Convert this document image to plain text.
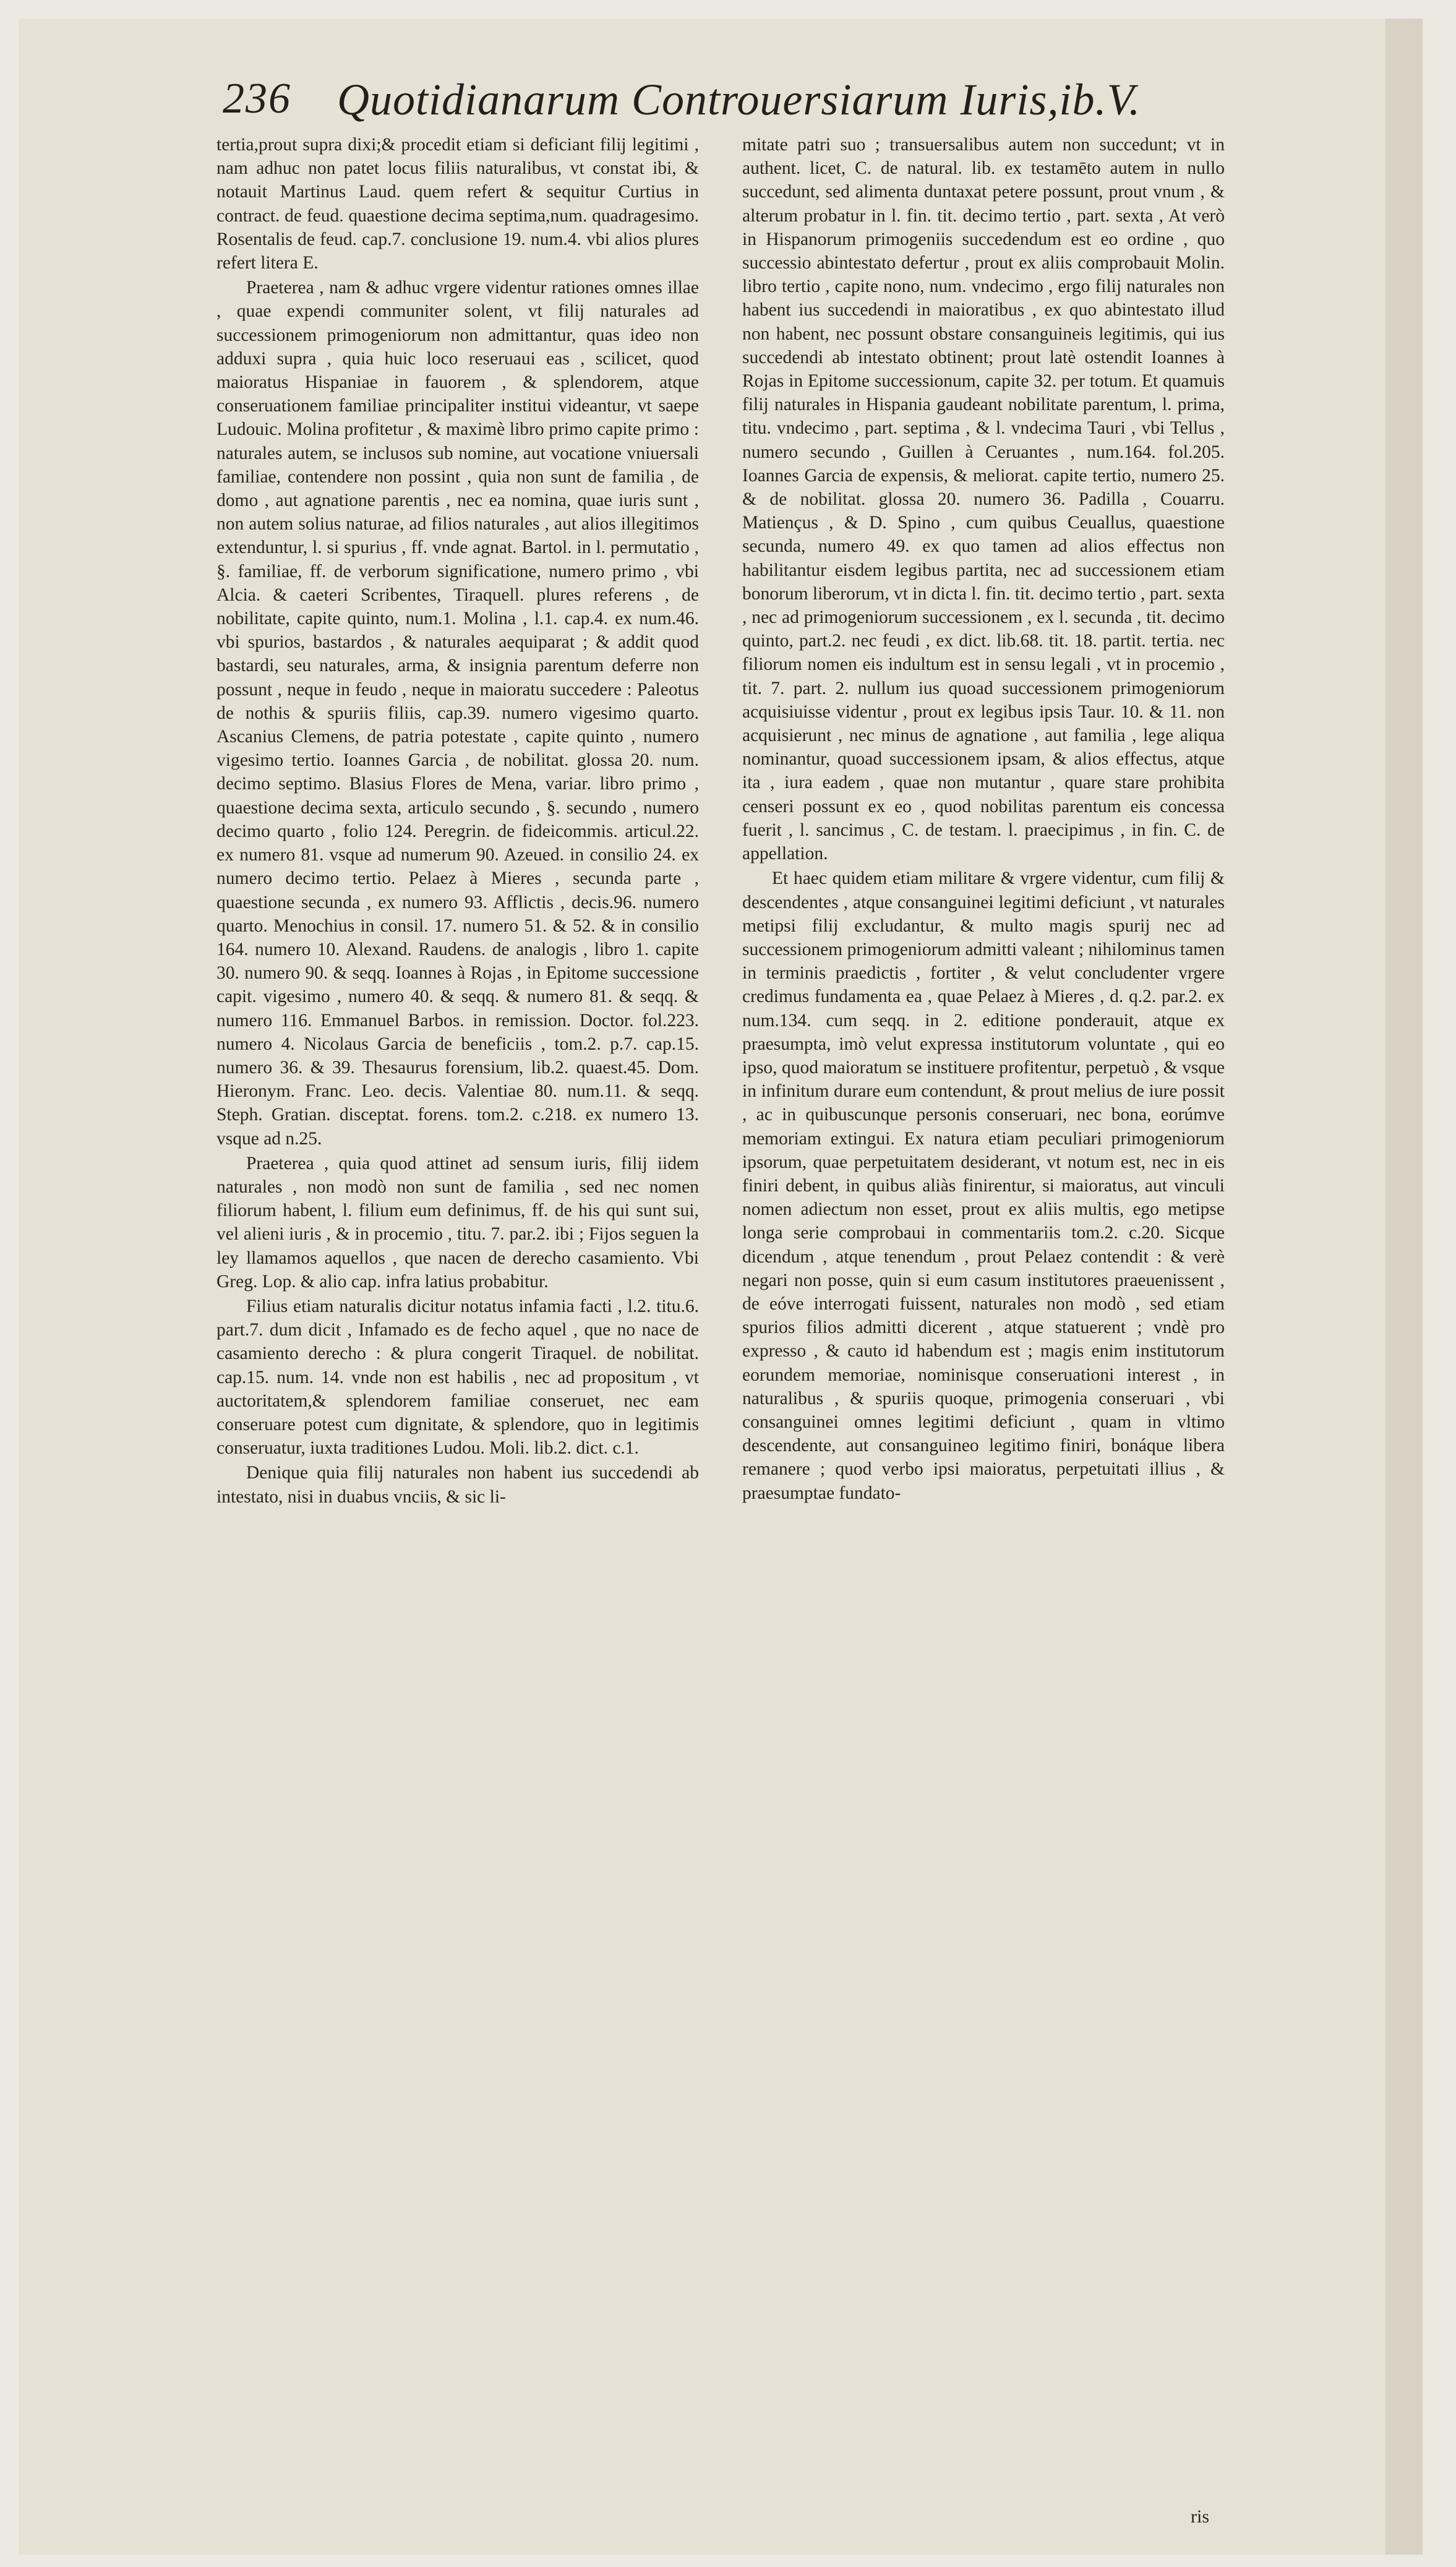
236 Quotidianarum Controuersiarum Iuris,ib.V.

tertia,prout supra dixi;& procedit etiam si deficiant filij legitimi , nam adhuc non patet locus filiis naturalibus, vt constat ibi, & notauit Martinus Laud. quem refert & sequitur Curtius in contract. de feud. quaestione decima septima,num. quadragesimo. Rosentalis de feud. cap.7. conclusione 19. num.4. vbi alios plures refert litera E.

Praeterea , nam & adhuc vrgere videntur rationes omnes illae , quae expendi communiter solent, vt filij naturales ad successionem primogeniorum non admittantur, quas ideo non adduxi supra , quia huic loco reseruaui eas , scilicet, quod maioratus Hispaniae in fauorem , & splendorem, atque conseruationem familiae principaliter institui videantur, vt saepe Ludouic. Molina profitetur , & maximè libro primo capite primo : naturales autem, se inclusos sub nomine, aut vocatione vniuersali familiae, contendere non possint , quia non sunt de familia , de domo , aut agnatione parentis , nec ea nomina, quae iuris sunt , non autem solius naturae, ad filios naturales , aut alios illegitimos extenduntur, l. si spurius , ff. vnde agnat. Bartol. in l. permutatio , §. familiae, ff. de verborum significatione, numero primo , vbi Alcia. & caeteri Scribentes, Tiraquell. plures referens , de nobilitate, capite quinto, num.1. Molina , l.1. cap.4. ex num.46. vbi spurios, bastardos , & naturales aequiparat ; & addit quod bastardi, seu naturales, arma, & insignia parentum deferre non possunt , neque in feudo , neque in maioratu succedere : Paleotus de nothis & spuriis filiis, cap.39. numero vigesimo quarto. Ascanius Clemens, de patria potestate , capite quinto , numero vigesimo tertio. Ioannes Garcia , de nobilitat. glossa 20. num. decimo septimo. Blasius Flores de Mena, variar. libro primo , quaestione decima sexta, articulo secundo , §. secundo , numero decimo quarto , folio 124. Peregrin. de fideicommis. articul.22. ex numero 81. vsque ad numerum 90. Azeued. in consilio 24. ex numero decimo tertio. Pelaez à Mieres , secunda parte , quaestione secunda , ex numero 93. Afflictis , decis.96. numero quarto. Menochius in consil. 17. numero 51. & 52. & in consilio 164. numero 10. Alexand. Raudens. de analogis , libro 1. capite 30. numero 90. & seqq. Ioannes à Rojas , in Epitome successione capit. vigesimo , numero 40. & seqq. & numero 81. & seqq. & numero 116. Emmanuel Barbos. in remission. Doctor. fol.223. numero 4. Nicolaus Garcia de beneficiis , tom.2. p.7. cap.15. numero 36. & 39. Thesaurus forensium, lib.2. quaest.45. Dom. Hieronym. Franc. Leo. decis. Valentiae 80. num.11. & seqq. Steph. Gratian. disceptat. forens. tom.2. c.218. ex numero 13. vsque ad n.25.

Praeterea , quia quod attinet ad sensum iuris, filij iidem naturales , non modò non sunt de familia , sed nec nomen filiorum habent, l. filium eum definimus, ff. de his qui sunt sui, vel alieni iuris , & in procemio , titu. 7. par.2. ibi ; Fijos seguen la ley llamamos aquellos , que nacen de derecho casamiento. Vbi Greg. Lop. & alio cap. infra latius probabitur.

Filius etiam naturalis dicitur notatus infamia facti , l.2. titu.6. part.7. dum dicit , Infamado es de fecho aquel , que no nace de casamiento derecho : & plura congerit Tiraquel. de nobilitat. cap.15. num. 14. vnde non est habilis , nec ad propositum , vt auctoritatem,& splendorem familiae conseruet, nec eam conseruare potest cum dignitate, & splendore, quo in legitimis conseruatur, iuxta traditiones Ludou. Moli. lib.2. dict. c.1.

Denique quia filij naturales non habent ius succedendi ab intestato, nisi in duabus vnciis, & sic li-

mitate patri suo ; transuersalibus autem non succedunt; vt in authent. licet, C. de natural. lib. ex testamēto autem in nullo succedunt, sed alimenta duntaxat petere possunt, prout vnum , & alterum probatur in l. fin. tit. decimo tertio , part. sexta , At verò in Hispanorum primogeniis succedendum est eo ordine , quo successio abintestato defertur , prout ex aliis comprobauit Molin. libro tertio , capite nono, num. vndecimo , ergo filij naturales non habent ius succedendi in maioratibus , ex quo abintestato illud non habent, nec possunt obstare consanguineis legitimis, qui ius succedendi ab intestato obtinent; prout latè ostendit Ioannes à Rojas in Epitome successionum, capite 32. per totum. Et quamuis filij naturales in Hispania gaudeant nobilitate parentum, l. prima, titu. vndecimo , part. septima , & l. vndecima Tauri , vbi Tellus , numero secundo , Guillen à Ceruantes , num.164. fol.205. Ioannes Garcia de expensis, & meliorat. capite tertio, numero 25. & de nobilitat. glossa 20. numero 36. Padilla , Couarru. Matiençus , & D. Spino , cum quibus Ceuallus, quaestione secunda, numero 49. ex quo tamen ad alios effectus non habilitantur eisdem legibus partita, nec ad successionem etiam bonorum liberorum, vt in dicta l. fin. tit. decimo tertio , part. sexta , nec ad primogeniorum successionem , ex l. secunda , tit. decimo quinto, part.2. nec feudi , ex dict. lib.68. tit. 18. partit. tertia. nec filiorum nomen eis indultum est in sensu legali , vt in procemio , tit. 7. part. 2. nullum ius quoad successionem primogeniorum acquisiuisse videntur , prout ex legibus ipsis Taur. 10. & 11. non acquisierunt , nec minus de agnatione , aut familia , lege aliqua nominantur, quoad successionem ipsam, & alios effectus, atque ita , iura eadem , quae non mutantur , quare stare prohibita censeri possunt ex eo , quod nobilitas parentum eis concessa fuerit , l. sancimus , C. de testam. l. praecipimus , in fin. C. de appellation.

Et haec quidem etiam militare & vrgere videntur, cum filij & descendentes , atque consanguinei legitimi deficiunt , vt naturales metipsi filij excludantur, & multo magis spurij nec ad successionem primogeniorum admitti valeant ; nihilominus tamen in terminis praedictis , fortiter , & velut concludenter vrgere credimus fundamenta ea , quae Pelaez à Mieres , d. q.2. par.2. ex num.134. cum seqq. in 2. editione ponderauit, atque ex praesumpta, imò velut expressa institutorum voluntate , qui eo ipso, quod maioratum se instituere profitentur, perpetuò , & vsque in infinitum durare eum contendunt, & prout melius de iure possit , ac in quibuscunque personis conseruari, nec bona, eorúmve memoriam extingui. Ex natura etiam peculiari primogeniorum ipsorum, quae perpetuitatem desiderant, vt notum est, nec in eis finiri debent, in quibus aliàs finirentur, si maioratus, aut vinculi nomen adiectum non esset, prout ex aliis multis, ego metipse longa serie comprobaui in commentariis tom.2. c.20. Sicque dicendum , atque tenendum , prout Pelaez contendit : & verè negari non posse, quin si eum casum institutores praeuenissent , de eóve interrogati fuissent, naturales non modò , sed etiam spurios filios admitti dicerent , atque statuerent ; vndè pro expresso , & cauto id habendum est ; magis enim institutorum eorundem memoriae, nominisque conseruationi interest , in naturalibus , & spuriis quoque, primogenia conseruari , vbi consanguinei omnes legitimi deficiunt , quam in vltimo descendente, aut consanguineo legitimo finiri, bonáque libera remanere ; quod verbo ipsi maioratus, perpetuitati illius , & praesumptae fundato-

ris
